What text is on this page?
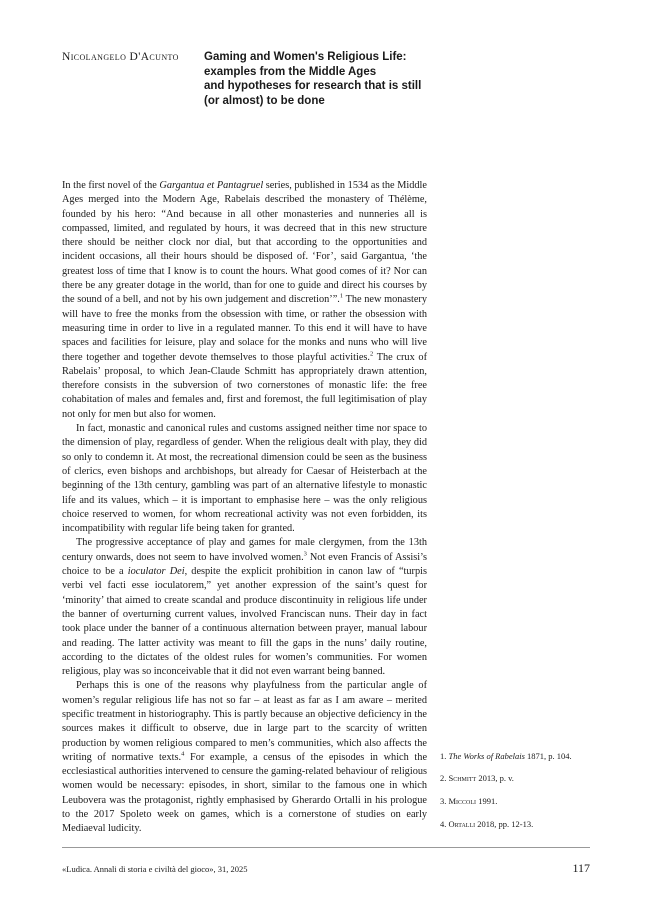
Nicolangelo D'Acunto Gaming and Women's Religious Life:
examples from the Middle Ages
and hypotheses for research that is still
(or almost) to be done

In the first novel of the Gargantua et Pantagruel series, published in 1534 as the Middle Ages merged into the Modern Age, Rabelais described the monastery of Thélème, founded by his hero: “And because in all other monasteries and nunneries all is compassed, limited, and regulated by hours, it was decreed that in this new structure there should be neither clock nor dial, but that according to the opportunities and incident occasions, all their hours should be disposed of. ‘For’, said Gargantua, ‘the greatest loss of time that I know is to count the hours. What good comes of it? Nor can there be any greater dotage in the world, than for one to guide and direct his courses by the sound of a bell, and not by his own judgement and discretion’”.$^1$ The new monastery will have to free the monks from the obsession with time, or rather the obsession with measuring time in order to live in a regulated manner. To this end it will have to have spaces and facilities for leisure, play and solace for the monks and nuns who will live there together and together devote themselves to those playful activities.$^2$ The crux of Rabelais’ proposal, to which Jean-Claude Schmitt has appropriately drawn attention, therefore consists in the subversion of two cornerstones of monastic life: the free cohabitation of males and females and, first and foremost, the full legitimisation of play not only for men but also for women.

In fact, monastic and canonical rules and customs assigned neither time nor space to the dimension of play, regardless of gender. When the religious dealt with play, they did so only to condemn it. At most, the recreational dimension could be seen as the business of clerics, even bishops and archbishops, but already for Caesar of Heisterbach at the beginning of the 13th century, gambling was part of an alternative lifestyle to monastic life and its values, which – it is important to emphasise here – was the only religious choice reserved to women, for whom recreational activity was not even forbidden, its incompatibility with regular life being taken for granted.

The progressive acceptance of play and games for male clergymen, from the 13th century onwards, does not seem to have involved women.$^3$ Not even Francis of Assisi’s choice to be a ioculator Dei, despite the explicit prohibition in canon law of “turpis verbi vel facti esse ioculatorem,” yet another expression of the saint’s quest for ‘minority’ that aimed to create scandal and produce discontinuity in religious life under the banner of overturning current values, involved Franciscan nuns. Their day in fact took place under the banner of a continuous alternation between prayer, manual labour and reading. The latter activity was meant to fill the gaps in the nuns’ daily routine, according to the dictates of the oldest rules for women’s communities. For women religious, play was so inconceivable that it did not even warrant being banned.

Perhaps this is one of the reasons why playfulness from the particular angle of women’s regular religious life has not so far – at least as far as I am aware – merited specific treatment in historiography. This is partly because an objective deficiency in the sources makes it difficult to observe, due in large part to the scarcity of written production by women religious compared to men’s communities, which also affects the writing of normative texts.$^4$ For example, a census of the episodes in which the ecclesiastical authorities intervened to censure the gaming-related behaviour of religious women would be necessary: episodes, in short, similar to the famous one in which Leubovera was the protagonist, rightly emphasised by Gherardo Ortalli in his prologue to the 2017 Spoleto week on games, which is a cornerstone of studies on early Mediaeval ludicity.

1. The Works of Rabelais 1871, p. 104.
2. Schmitt 2013, p. v.
3. Miccoli 1991.
4. Ortalli 2018, pp. 12-13.
«Ludica. Annali di storia e civiltà del gioco», 31, 2025	117
